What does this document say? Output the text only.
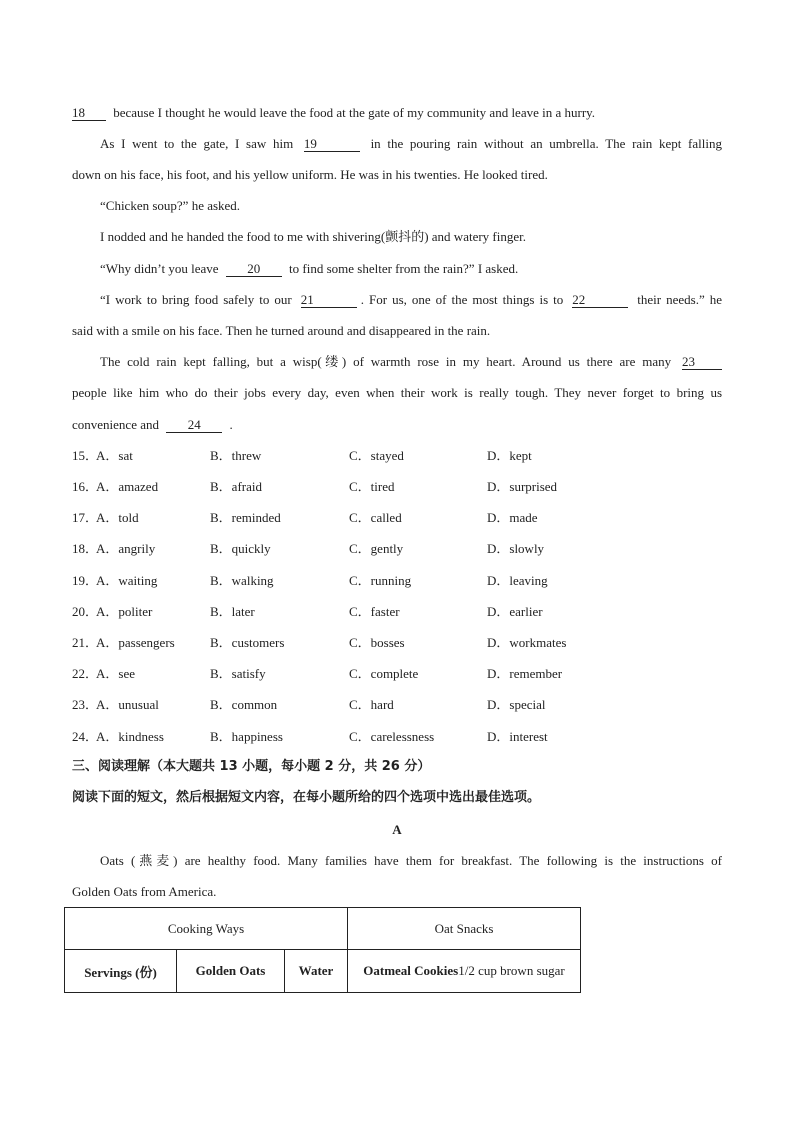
18 because I thought he would leave the food at the gate of my community and leave in a hurry.
As I went to the gate, I saw him 19	in the pouring rain without an umbrella. The rain kept falling
down on his face, his foot, and his yellow uniform. He was in his twenties. He looked tired.
“Chicken soup?” he asked.
I nodded and he handed the food to me with shivering(颤抖的) and watery finger.
“Why didn’t you leave 20 to find some shelter from the rain?” I asked.
“I work to bring food safely to our 21	. For us, one of the most things is to 22	their needs.” he
said with a smile on his face. Then he turned around and disappeared in the rain.
The cold rain kept falling, but a wisp(缕) of warmth rose in my heart. Around us there are many 23
people like him who do their jobs every day, even when their work is really tough. They never forget to bring us
convenience and 24 .
15．
A．sat	B．threw	C．stayed	D．kept
16．
A．amazed	B．afraid	C．tired	D．surprised
17．
A．told	B．reminded	C．called	D．made
18．
A．angrily	B．quickly	C．gently	D．slowly
19．
A．waiting	B．walking	C．running	D．leaving
20．
A．politer	B．later	C．faster	D．earlier
21．
A．passengers	B．customers	C．bosses	D．workmates
22．
A．see	B．satisfy	C．complete	D．remember
23．
A．unusual	B．common	C．hard	D．special
24．
A．kindness	B．happiness	C．carelessness	D．interest
三、阅读理解（本大题共 13 小题，每小题 2 分，共 26 分）
阅读下面的短文，然后根据短文内容，在每小题所给的四个选项中选出最佳选项。
A
Oats (燕麦) are healthy food. Many families have them for breakfast. The following is the instructions of
Golden Oats from America.
Cooking Ways			Oat Snacks
Servings (份)	Golden Oats	Water	Oatmeal Cookies1/2 cup brown sugar
